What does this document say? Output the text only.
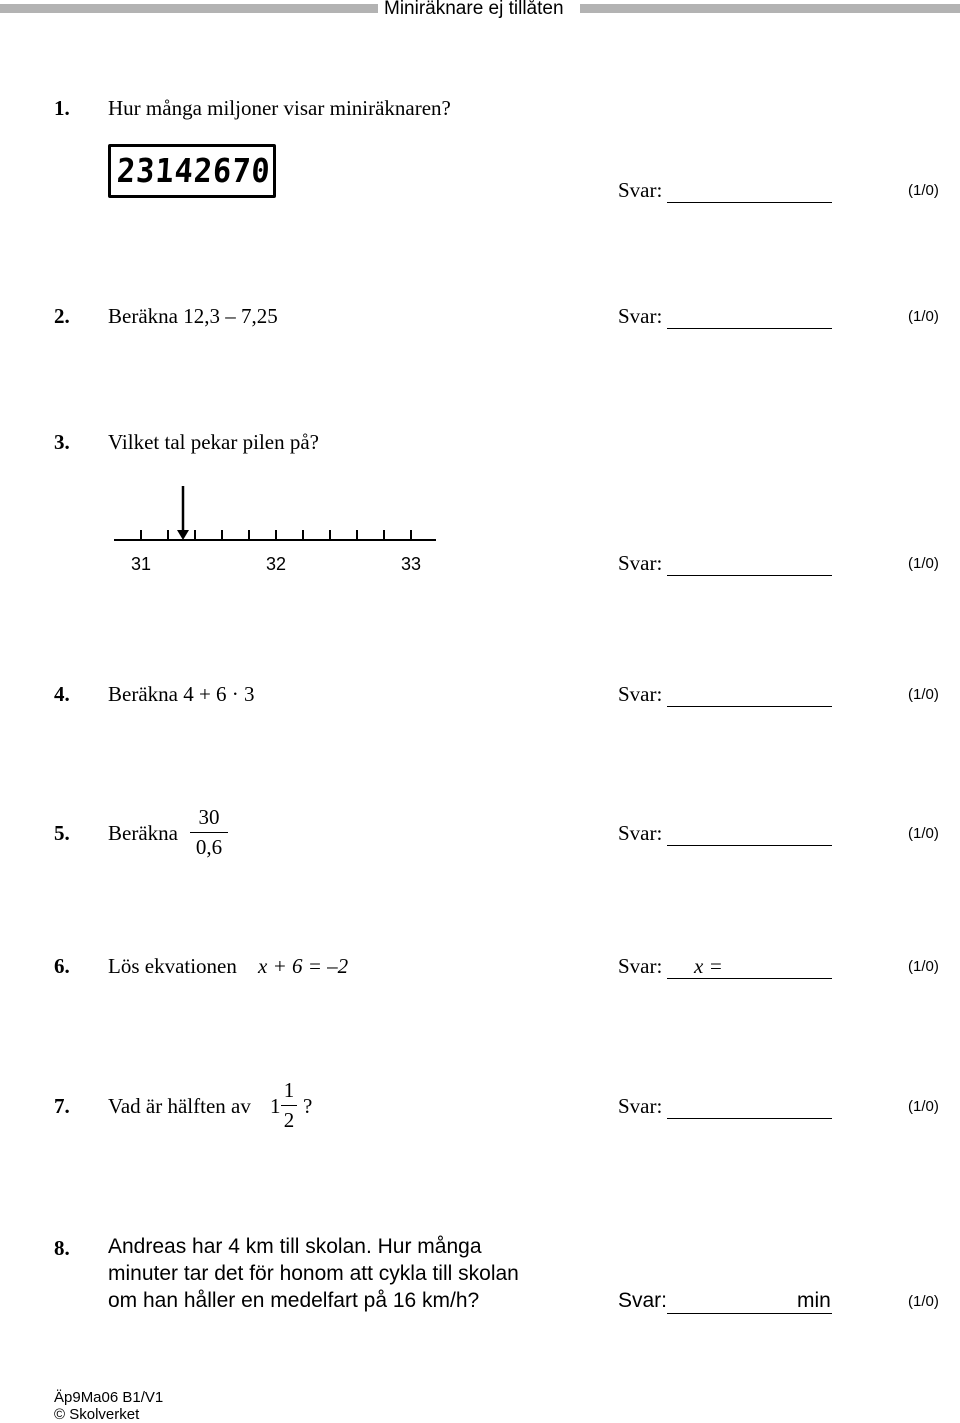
Miniräknare ej tillåten
1. Hur många miljoner visar miniräknaren?
23142670	Svar:	(1/0)
2. Beräkna 12,3 – 7,25	Svar:	(1/0)
3. Vilket tal pekar pilen på?
31	32	33	Svar:	(1/0)
4. Beräkna 4 + 6 · 3	Svar:	(1/0)
5. Beräkna
30
0,6
Svar:	(1/0)
6. Lös ekvationen x + 6 = –2	Svar: x =	(1/0)
7. Vad är hälften av 1
1
2
?	Svar:	(1/0)
8. Andreas har 4 km till skolan. Hur många
minuter tar det för honom att cykla till skolan
om han håller en medelfart på 16 km/h?	Svar:	min	(1/0)
Äp9Ma06 B1/V1
© Skolverket
